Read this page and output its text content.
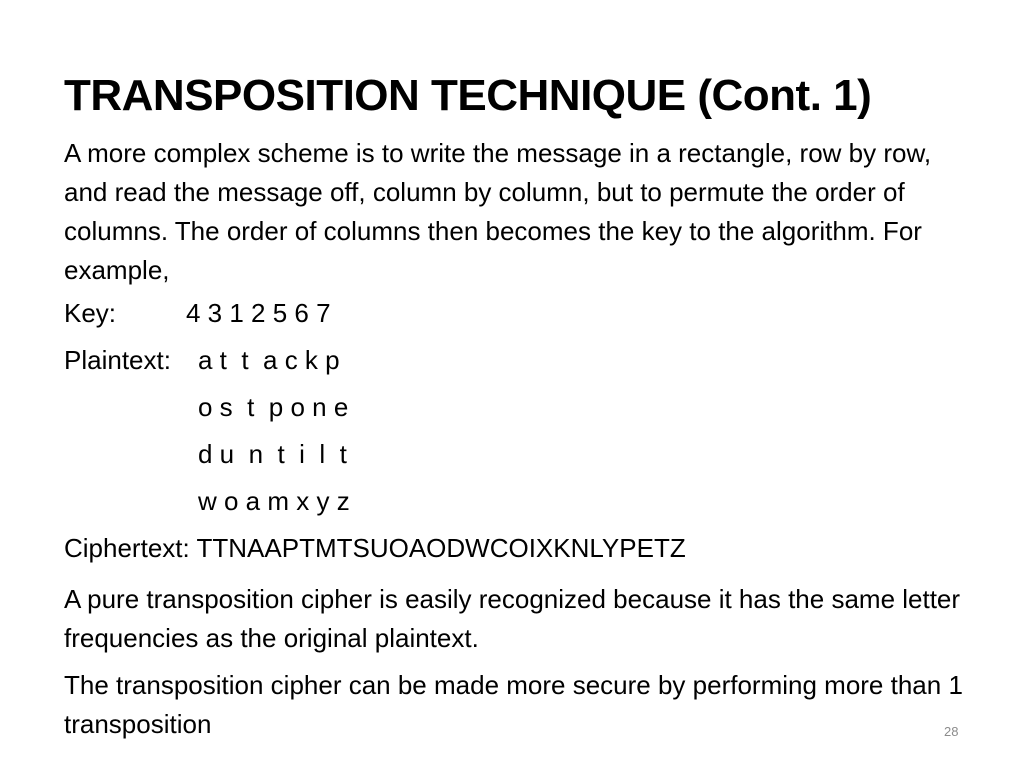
TRANSPOSITION TECHNIQUE (Cont. 1)

A more complex scheme is to write the message in a rectangle, row by row, and read the message off, column by column, but to permute the order of columns. The order of columns then becomes the key to the algorithm. For example,

Key:	4 3 1 2 5 6 7

Plaintext: a t  t  a c k p

o s  t  p o n e

d u  n  t  i  l  t

w o a m x y z

Ciphertext: TTNAAPTMTSUOAODWCOIXKNLYPETZ

A pure transposition cipher is easily recognized because it has the same letter frequencies as the original plaintext.

The transposition cipher can be made more secure by performing more than 1 transposition	28
